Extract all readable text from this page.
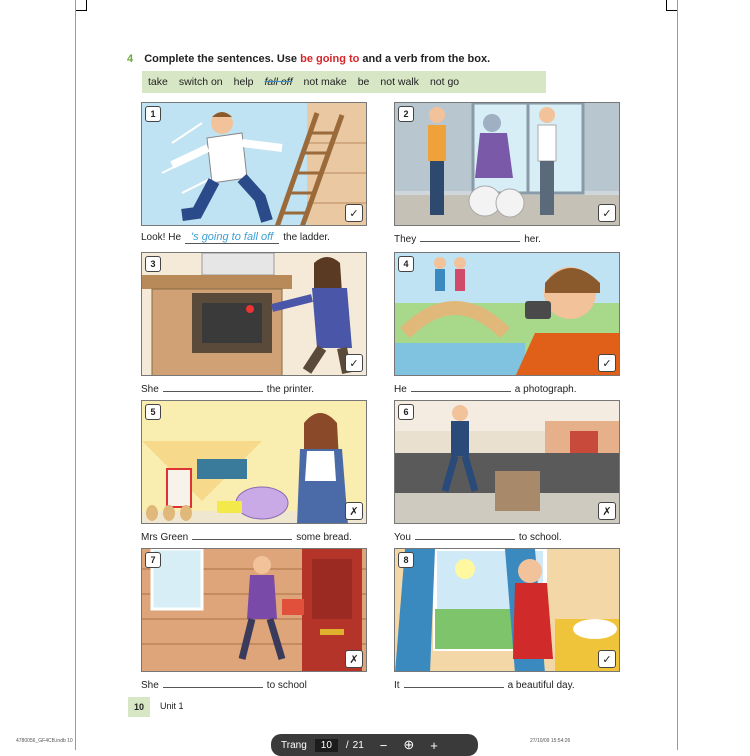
4 Complete the sentences. Use be going to and a verb from the box.
take switch on help fall off not make be not walk not go
1
✓
Look! He 's going to fall off	the ladder.
2
✓
They	her.
3
✓
She	the printer.
4
✓
He	a photograph.
5
✗
Mrs Green	some bread.
6
✗
You	to school.
7
✗
She	to school
8
✓
It	a beautiful day.
10	Unit 1
4780056_GF4CB.indb 10	27/10/09 15:54:26
Trang	10	/ 21 − ⊕ +
